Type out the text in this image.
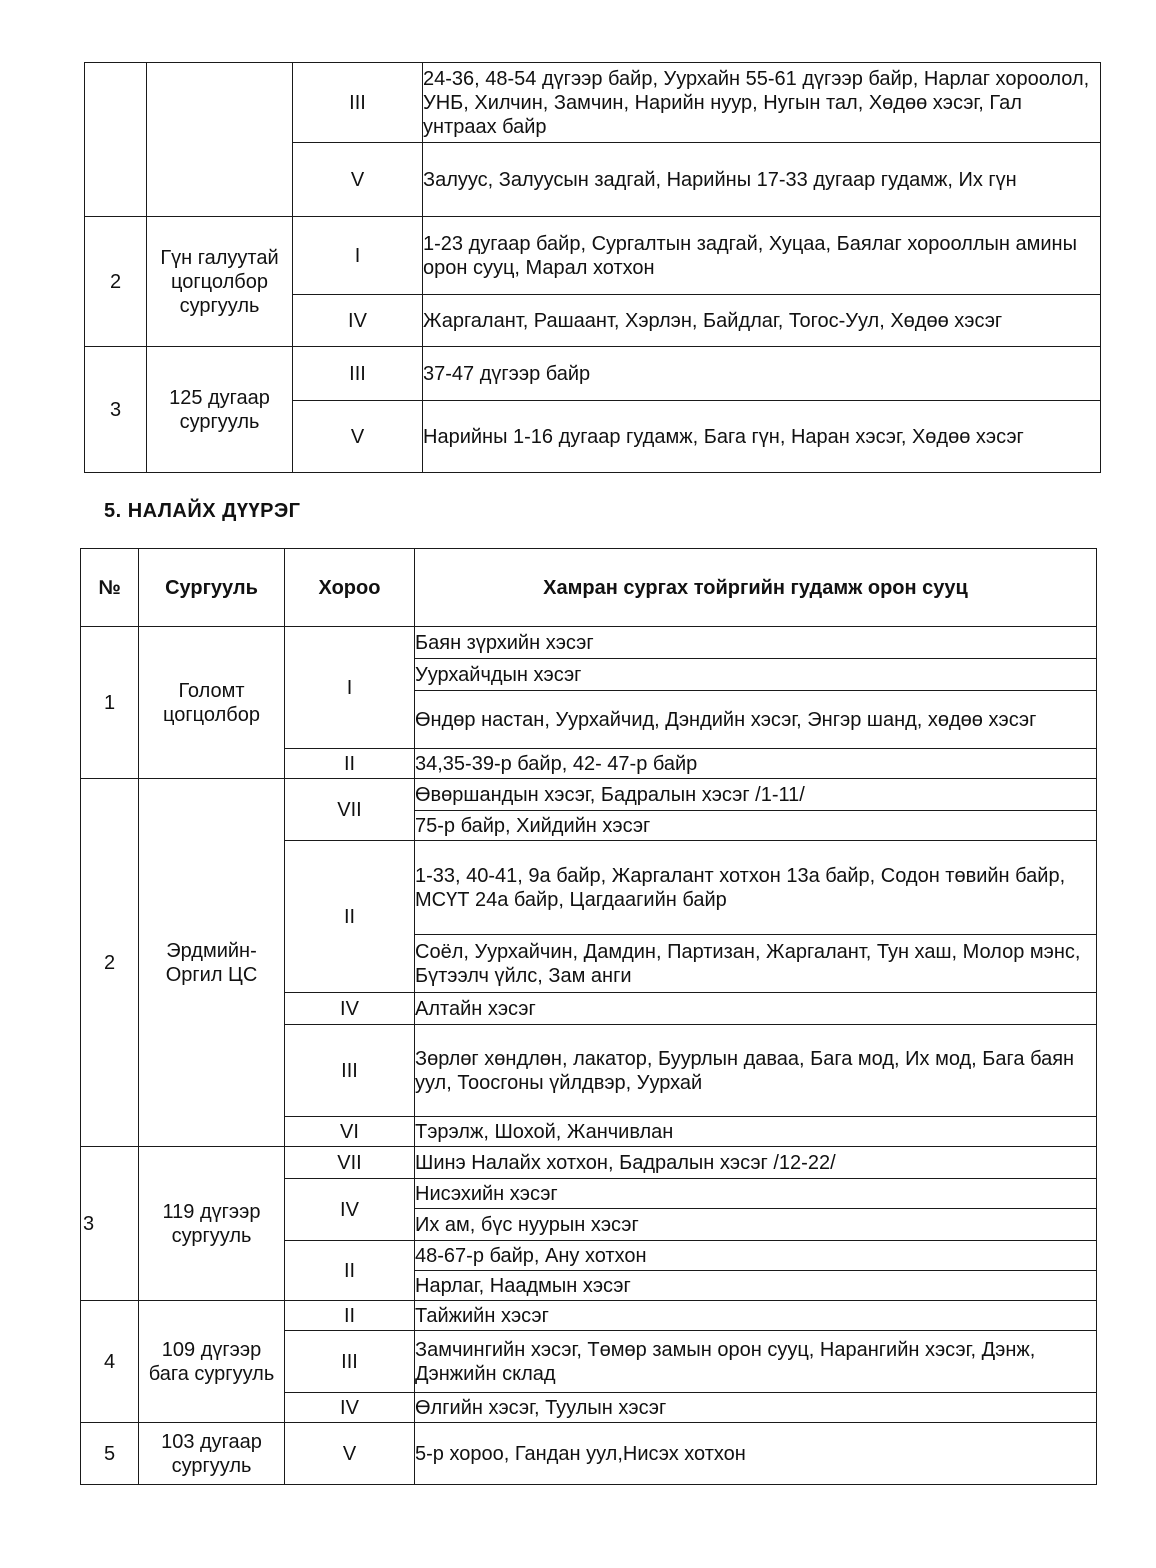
		III	24-36, 48-54 дүгээр байр, Уурхайн 55-61 дүгээр байр, Нарлаг хороолол, УНБ, Хилчин, Замчин, Нарийн нуур, Нугын тал, Хөдөө хэсэг, Гал унтраах байр
		V	Залуус, Залуусын задгай, Нарийны 17-33 дугаар гудамж, Их гүн
2	Гүн галуутай цогцолбор сургууль	I	1-23 дугаар байр, Сургалтын задгай, Хуцаа, Баялаг хорооллын амины орон сууц, Марал хотхон
		IV	Жаргалант, Рашаант, Хэрлэн, Байдлаг, Тогос-Уул, Хөдөө хэсэг
3	125 дугаар сургууль	III	37-47 дүгээр байр
		V	Нарийны 1-16 дугаар гудамж, Бага гүн, Наран хэсэг, Хөдөө хэсэг
5. НАЛАЙХ ДҮҮРЭГ
№	Сургууль	Хороо	Хамран сургах тойргийн гудамж орон сууц
1	Голомт цогцолбор	I	Баян зүрхийн хэсэг
			Уурхайчдын хэсэг
			Өндөр настан, Уурхайчид, Дэндийн хэсэг, Энгэр шанд, хөдөө хэсэг
		II	34,35-39-р байр, 42- 47-р байр
2	Эрдмийн-Оргил ЦС	VII	Өвөршандын хэсэг, Бадралын хэсэг /1-11/
			75-р байр, Хийдийн хэсэг
		II	1-33, 40-41, 9а байр, Жаргалант хотхон 13а байр, Содон төвийн байр, МСҮТ 24а байр, Цагдаагийн байр
			Соёл, Уурхайчин, Дамдин, Партизан, Жаргалант, Тун хаш, Молор мэнс, Бүтээлч үйлс, Зам анги
		IV	Алтайн хэсэг
		III	Зөрлөг хөндлөн, лакатор, Буурлын даваа, Бага мод, Их мод, Бага баян уул, Тоосгоны үйлдвэр, Уурхай
		VI	Тэрэлж, Шохой, Жанчивлан
3	119 дүгээр сургууль	VII	Шинэ Налайх хотхон, Бадралын хэсэг /12-22/
		IV	Нисэхийн хэсэг
			Их ам, бүс нуурын хэсэг
		II	48-67-р байр, Ану хотхон
			Нарлаг, Наадмын хэсэг
4	109 дүгээр бага сургууль	II	Тайжийн хэсэг
		III	Замчингийн хэсэг, Төмөр замын орон сууц, Нарангийн хэсэг, Дэнж, Дэнжийн склад
		IV	Өлгийн хэсэг, Туулын хэсэг
5	103 дугаар сургууль	V	5-р хороо, Гандан уул,Нисэх хотхон
